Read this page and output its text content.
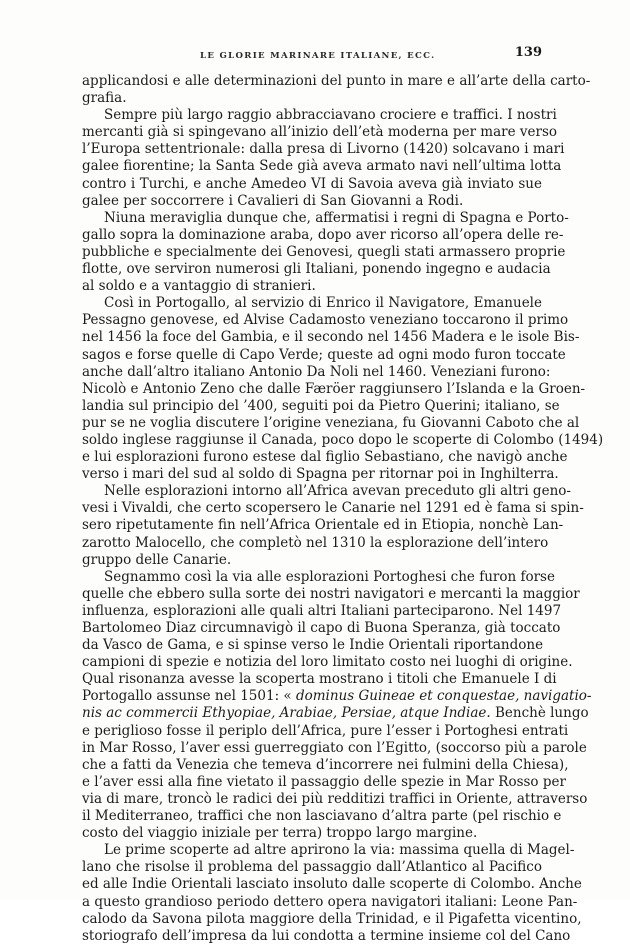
LE GLORIE MARINARE ITALIANE, ECC.	139
applicandosi e alle determinazioni del punto in mare e all’arte della carto-
grafia.
Sempre più largo raggio abbracciavano crociere e traffici. I nostri
mercanti già si spingevano all’inizio dell’età moderna per mare verso
l’Europa settentrionale: dalla presa di Livorno (1420) solcavano i mari
galee fiorentine; la Santa Sede già aveva armato navi nell’ultima lotta
contro i Turchi, e anche Amedeo VI di Savoia aveva già inviato sue
galee per soccorrere i Cavalieri di San Giovanni a Rodi.
Niuna meraviglia dunque che, affermatisi i regni di Spagna e Porto-
gallo sopra la dominazione araba, dopo aver ricorso all’opera delle re-
pubbliche e specialmente dei Genovesi, quegli stati armassero proprie
flotte, ove serviron numerosi gli Italiani, ponendo ingegno e audacia
al soldo e a vantaggio di stranieri.
Così in Portogallo, al servizio di Enrico il Navigatore, Emanuele
Pessagno genovese, ed Alvise Cadamosto veneziano toccarono il primo
nel 1456 la foce del Gambia, e il secondo nel 1456 Madera e le isole Bis-
sagos e forse quelle di Capo Verde; queste ad ogni modo furon toccate
anche dall’altro italiano Antonio Da Noli nel 1460. Veneziani furono:
Nicolò e Antonio Zeno che dalle Færöer raggiunsero l’Islanda e la Groen-
landia sul principio del ’400, seguiti poi da Pietro Querini; italiano, se
pur se ne voglia discutere l’origine veneziana, fu Giovanni Caboto che al
soldo inglese raggiunse il Canada, poco dopo le scoperte di Colombo (1494)
e lui esplorazioni furono estese dal figlio Sebastiano, che navigò anche
verso i mari del sud al soldo di Spagna per ritornar poi in Inghilterra.
Nelle esplorazioni intorno all’Africa avevan preceduto gli altri geno-
vesi i Vivaldi, che certo scopersero le Canarie nel 1291 ed è fama si spin-
sero ripetutamente fin nell’Africa Orientale ed in Etiopia, nonchè Lan-
zarotto Malocello, che completò nel 1310 la esplorazione dell’intero
gruppo delle Canarie.
Segnammo così la via alle esplorazioni Portoghesi che furon forse
quelle che ebbero sulla sorte dei nostri navigatori e mercanti la maggior
influenza, esplorazioni alle quali altri Italiani parteciparono. Nel 1497
Bartolomeo Diaz circumnavigò il capo di Buona Speranza, già toccato
da Vasco de Gama, e si spinse verso le Indie Orientali riportandone
campioni di spezie e notizia del loro limitato costo nei luoghi di origine.
Qual risonanza avesse la scoperta mostrano i titoli che Emanuele I di
Portogallo assunse nel 1501: « dominus Guineae et conquestae, navigatio-
nis ac commercii Ethyopiae, Arabiae, Persiae, atque Indiae. Benchè lungo
e periglioso fosse il periplo dell’Africa, pure l’esser i Portoghesi entrati
in Mar Rosso, l’aver essi guerreggiato con l’Egitto, (soccorso più a parole
che a fatti da Venezia che temeva d’incorrere nei fulmini della Chiesa),
e l’aver essi alla fine vietato il passaggio delle spezie in Mar Rosso per
via di mare, troncò le radici dei più redditizi traffici in Oriente, attraverso
il Mediterraneo, traffici che non lasciavano d’altra parte (pel rischio e
costo del viaggio iniziale per terra) troppo largo margine.
Le prime scoperte ad altre aprirono la via: massima quella di Magel-
lano che risolse il problema del passaggio dall’Atlantico al Pacifico
ed alle Indie Orientali lasciato insoluto dalle scoperte di Colombo. Anche
a questo grandioso periodo dettero opera navigatori italiani: Leone Pan-
calodo da Savona pilota maggiore della Trinidad, e il Pigafetta vicentino,
storiografo dell’impresa da lui condotta a termine insieme col del Cano
